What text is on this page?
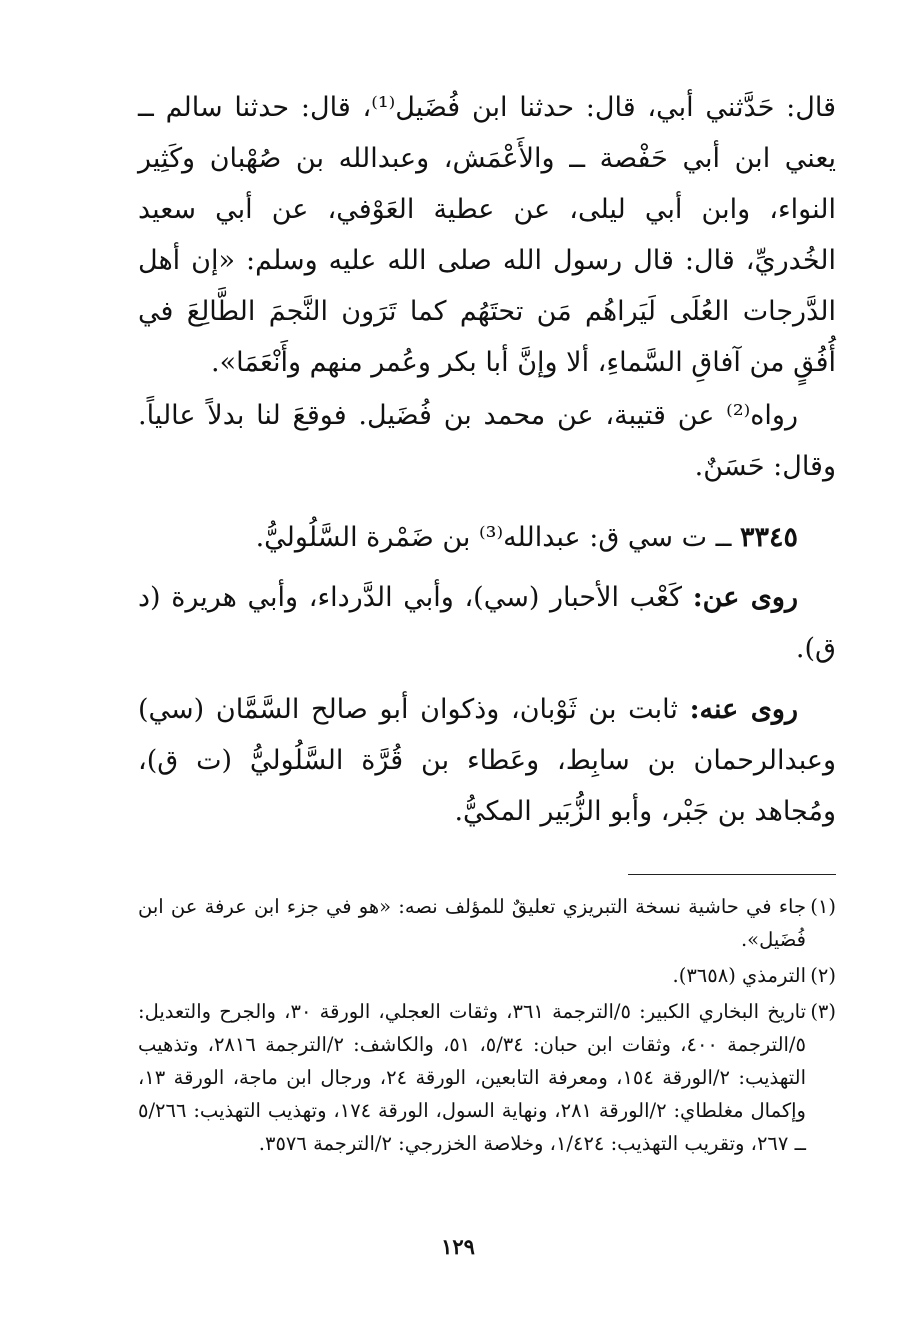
قال: حَدَّثني أبي، قال: حدثنا ابن فُضَيل⁽¹⁾، قال: حدثنا سالم ــ يعني ابن أبي حَفْصة ــ والأَعْمَش، وعبدالله بن صُهْبان وكَثِير النواء، وابن أبي ليلى، عن عطية العَوْفي، عن أبي سعيد الخُدريِّ، قال: قال رسول الله صلى الله عليه وسلم: «إن أهل الدَّرجات العُلَى لَيَراهُم مَن تحتَهُم كما تَرَون النَّجمَ الطَّالِعَ في أُفُقٍ من آفاقِ السَّماءِ، ألا وإنَّ أبا بكر وعُمر منهم وأَنْعَمَا».

رواه⁽²⁾ عن قتيبة، عن محمد بن فُضَيل. فوقعَ لنا بدلاً عالياً. وقال: حَسَنٌ.

٣٣٤٥ ــ ت سي ق: عبدالله⁽³⁾ بن ضَمْرة السَّلُوليُّ.

روى عن: كَعْب الأحبار (سي)، وأبي الدَّرداء، وأبي هريرة (د ق).

روى عنه: ثابت بن ثَوْبان، وذكوان أبو صالح السَّمَّان (سي) وعبدالرحمان بن سابِط، وعَطاء بن قُرَّة السَّلُوليُّ (ت ق)، ومُجاهد بن جَبْر، وأبو الزُّبَير المكيُّ.

(١)جاء في حاشية نسخة التبريزي تعليقٌ للمؤلف نصه: «هو في جزء ابن عرفة عن ابن فُضَيل».

(٢)الترمذي (٣٦٥٨).

(٣)تاريخ البخاري الكبير: ٥/الترجمة ٣٦١، وثقات العجلي، الورقة ٣٠، والجرح والتعديل: ٥/الترجمة ٤٠٠، وثقات ابن حبان: ٥/٣٤، ٥١، والكاشف: ٢/الترجمة ٢٨١٦، وتذهيب التهذيب: ٢/الورقة ١٥٤، ومعرفة التابعين، الورقة ٢٤، ورجال ابن ماجة، الورقة ١٣، وإكمال مغلطاي: ٢/الورقة ٢٨١، ونهاية السول، الورقة ١٧٤، وتهذيب التهذيب: ٥/٢٦٦ ــ ٢٦٧، وتقريب التهذيب: ١/٤٢٤، وخلاصة الخزرجي: ٢/الترجمة ٣٥٧٦.

١٢٩
